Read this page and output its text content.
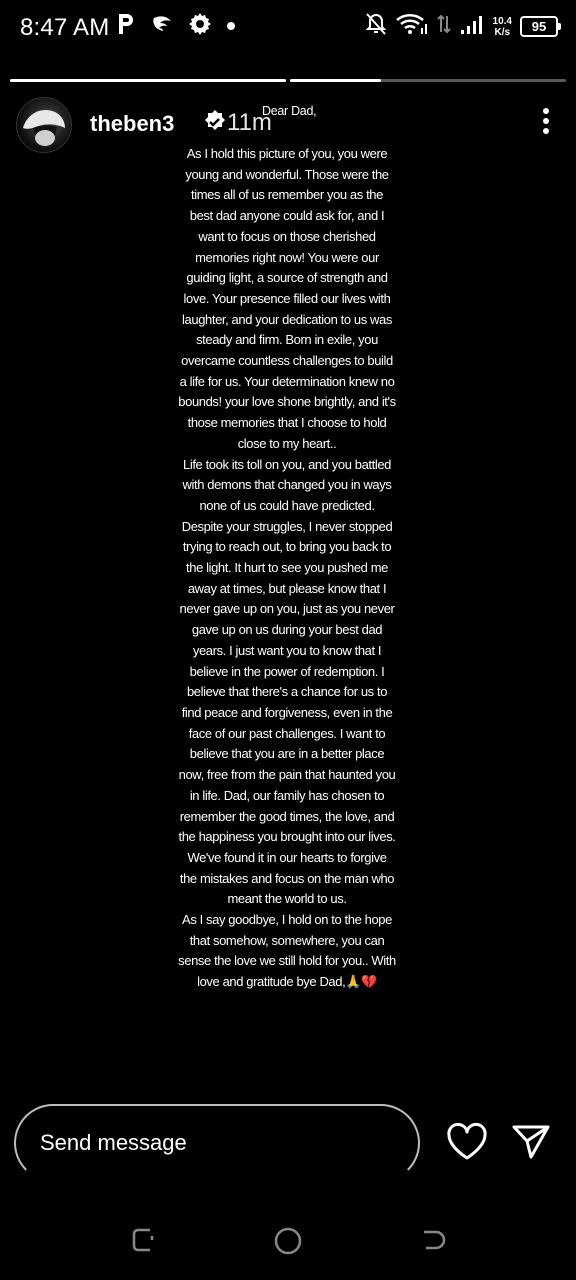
8:47 AM	10.4
K/s	95
theben3 11m
Dear Dad,
As I hold this picture of you, you were young and wonderful. Those were the times all of us remember you as the best dad anyone could ask for, and I want to focus on those cherished memories right now! You were our guiding light, a source of strength and love. Your presence filled our lives with laughter, and your dedication to us was steady and firm. Born in exile, you overcame countless challenges to build a life for us. Your determination knew no bounds! your love shone brightly, and it's those memories that I choose to hold close to my heart..
Life took its toll on you, and you battled with demons that changed you in ways none of us could have predicted. Despite your struggles, I never stopped trying to reach out, to bring you back to the light. It hurt to see you pushed me away at times, but please know that I never gave up on you, just as you never gave up on us during your best dad years. I just want you to know that I believe in the power of redemption. I believe that there's a chance for us to find peace and forgiveness, even in the face of our past challenges. I want to believe that you are in a better place now, free from the pain that haunted you in life. Dad, our family has chosen to remember the good times, the love, and the happiness you brought into our lives. We've found it in our hearts to forgive the mistakes and focus on the man who meant the world to us.
As I say goodbye, I hold on to the hope that somehow, somewhere, you can sense the love we still hold for you.. With love and gratitude bye Dad,🙏💔
Send message
